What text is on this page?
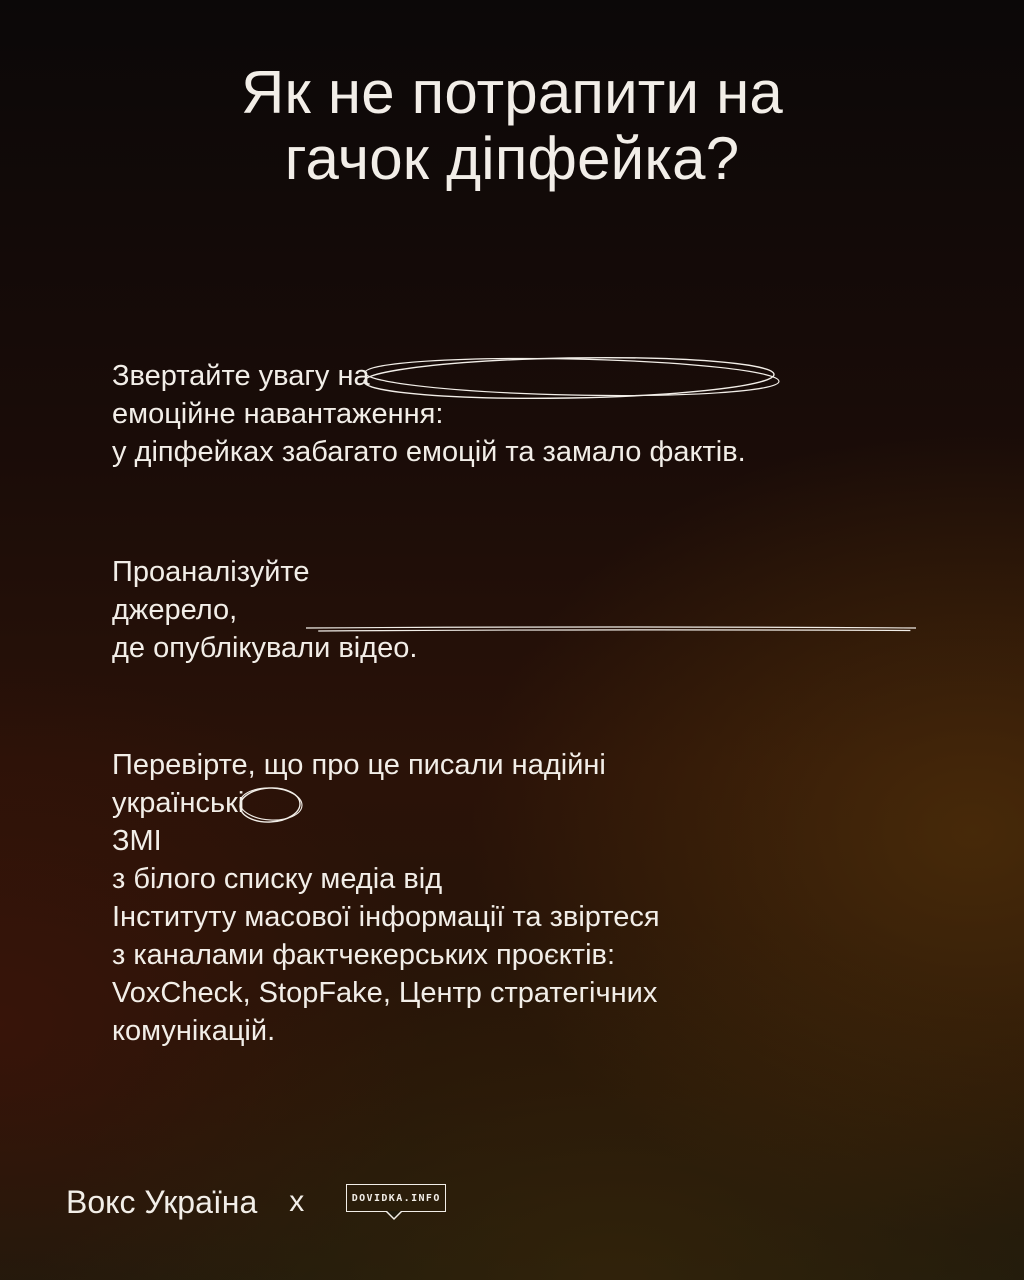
Як не потрапити на
гачок діпфейка?
Звертайте увагу на
емоційне навантаження:
у діпфейках забагато емоцій та замало фактів.
Проаналізуйте
джерело,
де опублікували відео.
Перевірте, що про це писали надійні
українські
ЗМІ
з білого списку медіа від
Інституту масової інформації та звіртеся
з каналами фактчекерських проєктів:
VoxCheck, StopFake, Центр стратегічних
комунікацій.
Вокс Україна x	DOVIDKA.INFO
